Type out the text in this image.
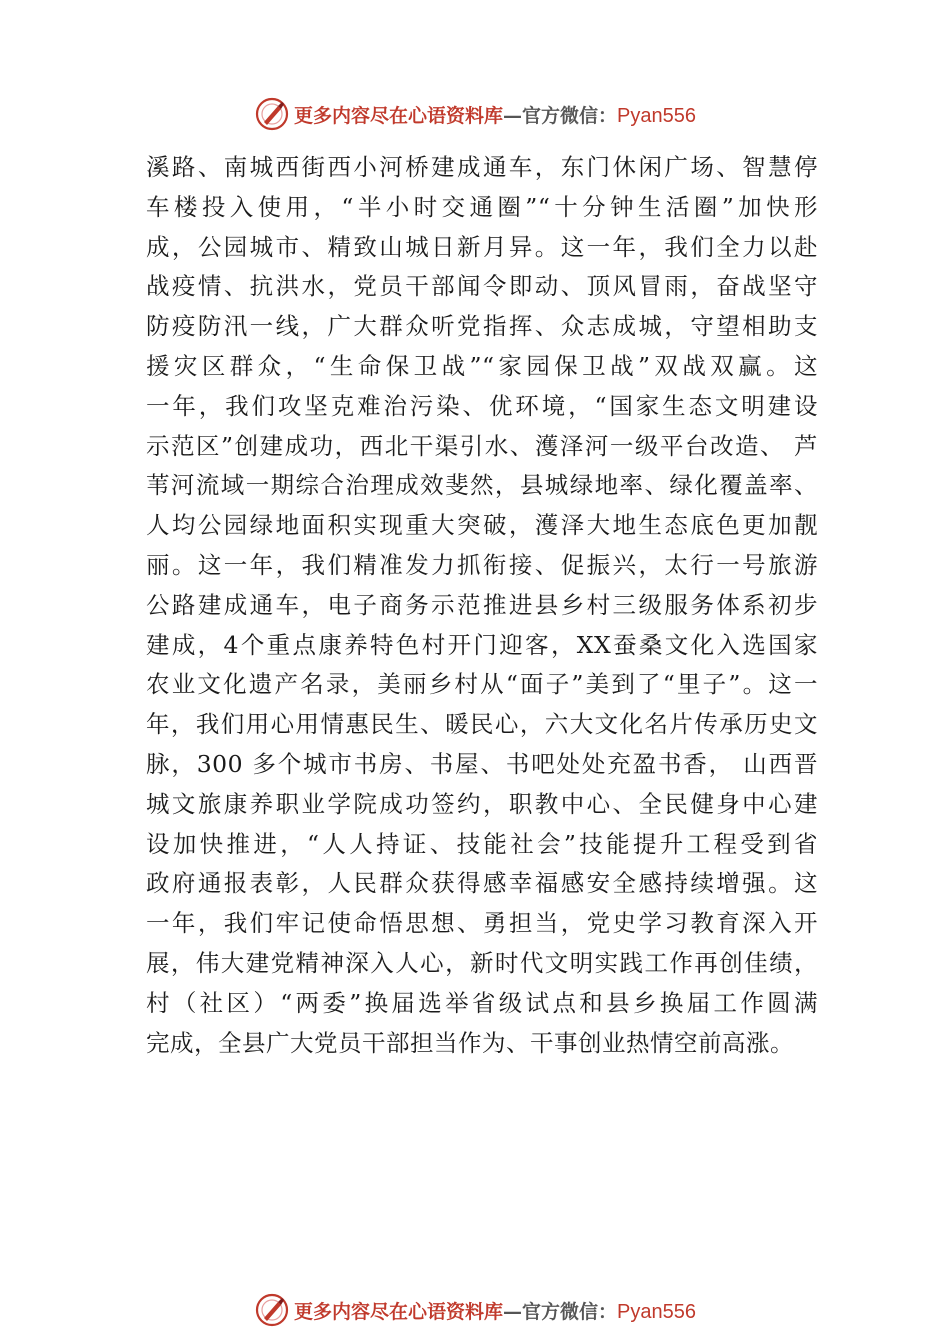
更多内容尽在心语资料库 —官方微信： Pyan556
溪路、南城西街西小河桥建成通车，东门休闲广场、智慧停
车楼投入使用，“半小时交通圈”“十分钟生活圈”加快形
成，公园城市、精致山城日新月异。这一年，我们全力以赴
战疫情、抗洪水，党员干部闻令即动、顶风冒雨，奋战坚守
防疫防汛一线，广大群众听党指挥、众志成城，守望相助支
援灾区群众，“生命保卫战”“家园保卫战”双战双赢。这
一年，我们攻坚克难治污染、优环境，“国家生态文明建设
示范区”创建成功，西北干渠引水、濩泽河一级平台改造、 芦
苇河流域一期综合治理成效斐然，县城绿地率、绿化覆盖率、
人均公园绿地面积实现重大突破，濩泽大地生态底色更加靓
丽。这一年，我们精准发力抓衔接、促振兴，太行一号旅游
公路建成通车，电子商务示范推进县乡村三级服务体系初步
建成，4个重点康养特色村开门迎客，XX蚕桑文化入选国家
农业文化遗产名录，美丽乡村从“面子”美到了“里子”。这一
年，我们用心用情惠民生、暖民心，六大文化名片传承历史文
脉，300 多个城市书房、书屋、书吧处处充盈书香， 山西晋
城文旅康养职业学院成功签约，职教中心、全民健身中心建
设加快推进，“人人持证、技能社会”技能提升工程受到省
政府通报表彰，人民群众获得感幸福感安全感持续增强。这
一年，我们牢记使命悟思想、勇担当，党史学习教育深入开
展，伟大建党精神深入人心，新时代文明实践工作再创佳绩，
村（社区）“两委”换届选举省级试点和县乡换届工作圆满
完成，全县广大党员干部担当作为、干事创业热情空前高涨。
更多内容尽在心语资料库 —官方微信： Pyan556
